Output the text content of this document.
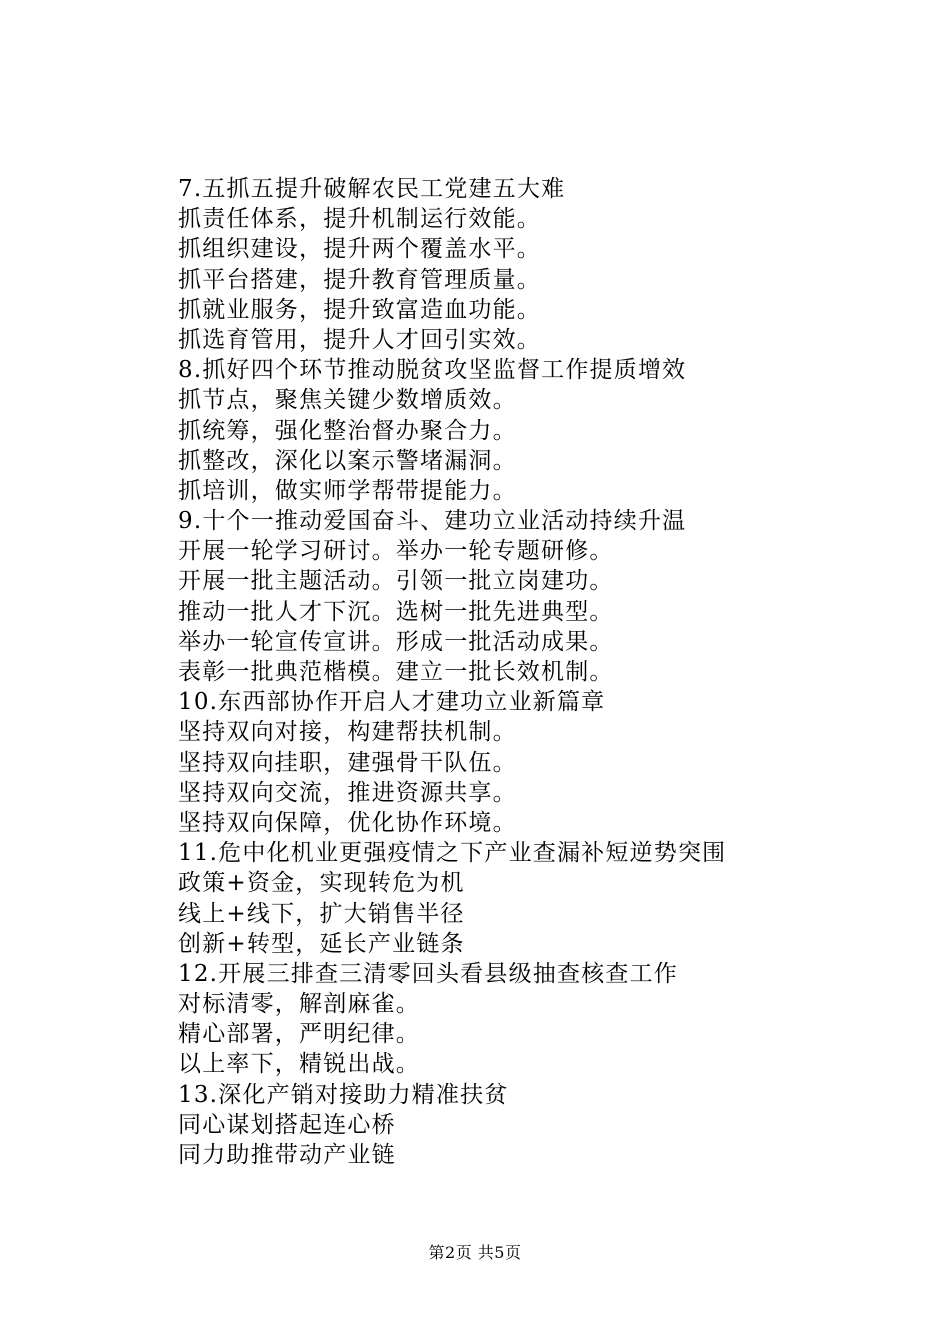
7.五抓五提升破解农民工党建五大难
抓责任体系，提升机制运行效能。
抓组织建设，提升两个覆盖水平。
抓平台搭建，提升教育管理质量。
抓就业服务，提升致富造血功能。
抓选育管用，提升人才回引实效。
8.抓好四个环节推动脱贫攻坚监督工作提质增效
抓节点，聚焦关键少数增质效。
抓统筹，强化整治督办聚合力。
抓整改，深化以案示警堵漏洞。
抓培训，做实师学帮带提能力。
9.十个一推动爱国奋斗、建功立业活动持续升温
开展一轮学习研讨。举办一轮专题研修。
开展一批主题活动。引领一批立岗建功。
推动一批人才下沉。选树一批先进典型。
举办一轮宣传宣讲。形成一批活动成果。
表彰一批典范楷模。建立一批长效机制。
10.东西部协作开启人才建功立业新篇章
坚持双向对接，构建帮扶机制。
坚持双向挂职，建强骨干队伍。
坚持双向交流，推进资源共享。
坚持双向保障，优化协作环境。
11.危中化机业更强疫情之下产业查漏补短逆势突围
政策+资金，实现转危为机
线上+线下，扩大销售半径
创新+转型，延长产业链条
12.开展三排查三清零回头看县级抽查核查工作
对标清零，解剖麻雀。
精心部署，严明纪律。
以上率下，精锐出战。
13.深化产销对接助力精准扶贫
同心谋划搭起连心桥
同力助推带动产业链
第2页 共5页
